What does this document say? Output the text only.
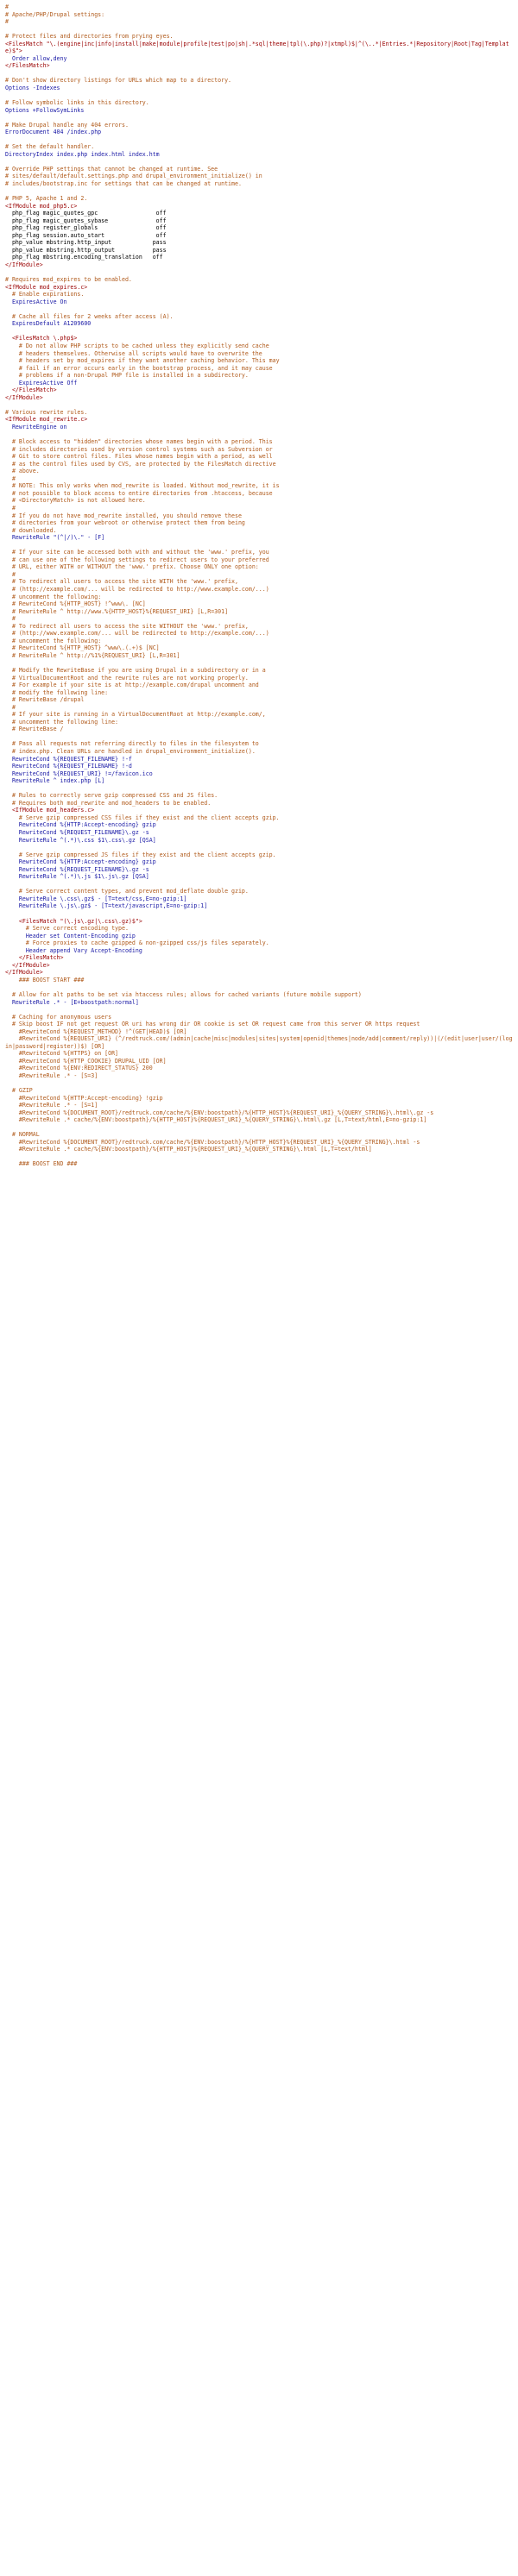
#
# Apache/PHP/Drupal settings:
#
# Protect files and directories from prying eyes.
<FilesMatch "\.(engine|inc|info|install|make|module|profile|test|po|sh|.*sql|theme|tpl(\.php)?|xtmpl)$|^(\..*|Entries.*|Repository|Root|Tag|Template)$">
Order allow,deny
</FilesMatch>
# Don't show directory listings for URLs which map to a directory.
Options -Indexes
# Follow symbolic links in this directory.
Options +FollowSymLinks
# Make Drupal handle any 404 errors.
ErrorDocument 404 /index.php
# Set the default handler.
DirectoryIndex index.php index.html index.htm
# Override PHP settings that cannot be changed at runtime. See
# sites/default/default.settings.php and drupal_environment_initialize() in
# includes/bootstrap.inc for settings that can be changed at runtime.
# PHP 5, Apache 1 and 2.
<IfModule mod_php5.c>
php_flag magic_quotes_gpc                 off
php_flag magic_quotes_sybase              off
php_flag register_globals                 off
php_flag session.auto_start               off
php_value mbstring.http_input            pass
php_value mbstring.http_output           pass
php_flag mbstring.encoding_translation   off
</IfModule>
# Requires mod_expires to be enabled.
<IfModule mod_expires.c>
# Enable expirations.
ExpiresActive On
# Cache all files for 2 weeks after access (A).
ExpiresDefault A1209600
<FilesMatch \.php$>
# Do not allow PHP scripts to be cached unless they explicitly send cache
# headers themselves. Otherwise all scripts would have to overwrite the
# headers set by mod_expires if they want another caching behavior. This may
# fail if an error occurs early in the bootstrap process, and it may cause
# problems if a non-Drupal PHP file is installed in a subdirectory.
ExpiresActive Off
</FilesMatch>
</IfModule>
# Various rewrite rules.
<IfModule mod_rewrite.c>
RewriteEngine on
# Block access to "hidden" directories whose names begin with a period. This
# includes directories used by version control systems such as Subversion or
# Git to store control files. Files whose names begin with a period, as well
# as the control files used by CVS, are protected by the FilesMatch directive
# above.
#
# NOTE: This only works when mod_rewrite is loaded. Without mod_rewrite, it is
# not possible to block access to entire directories from .htaccess, because
# <DirectoryMatch> is not allowed here.
#
# If you do not have mod_rewrite installed, you should remove these
# directories from your webroot or otherwise protect them from being
# downloaded.
RewriteRule "(^|/)\." - [F]
# If your site can be accessed both with and without the 'www.' prefix, you
# can use one of the following settings to redirect users to your preferred
# URL, either WITH or WITHOUT the 'www.' prefix. Choose ONLY one option:
#
# To redirect all users to access the site WITH the 'www.' prefix,
# (http://example.com/... will be redirected to http://www.example.com/...)
# uncomment the following:
# RewriteCond %{HTTP_HOST} !^www\. [NC]
# RewriteRule ^ http://www.%{HTTP_HOST}%{REQUEST_URI} [L,R=301]
#
# To redirect all users to access the site WITHOUT the 'www.' prefix,
# (http://www.example.com/... will be redirected to http://example.com/...)
# uncomment the following:
# RewriteCond %{HTTP_HOST} ^www\.(.+)$ [NC]
# RewriteRule ^ http://%1%{REQUEST_URI} [L,R=301]
# Modify the RewriteBase if you are using Drupal in a subdirectory or in a
# VirtualDocumentRoot and the rewrite rules are not working properly.
# For example if your site is at http://example.com/drupal uncomment and
# modify the following line:
# RewriteBase /drupal
#
# If your site is running in a VirtualDocumentRoot at http://example.com/,
# uncomment the following line:
# RewriteBase /
# Pass all requests not referring directly to files in the filesystem to
# index.php. Clean URLs are handled in drupal_environment_initialize().
RewriteCond %{REQUEST_FILENAME} !-f
RewriteCond %{REQUEST_FILENAME} !-d
RewriteCond %{REQUEST_URI} !=/favicon.ico
RewriteRule ^ index.php [L]
# Rules to correctly serve gzip compressed CSS and JS files.
# Requires both mod_rewrite and mod_headers to be enabled.
<IfModule mod_headers.c>
# Serve gzip compressed CSS files if they exist and the client accepts gzip.
RewriteCond %{HTTP:Accept-encoding} gzip
RewriteCond %{REQUEST_FILENAME}\.gz -s
RewriteRule ^(.*)\.css $1\.css\.gz [QSA]
# Serve gzip compressed JS files if they exist and the client accepts gzip.
RewriteCond %{HTTP:Accept-encoding} gzip
RewriteCond %{REQUEST_FILENAME}\.gz -s
RewriteRule ^(.*)\.js $1\.js\.gz [QSA]
# Serve correct content types, and prevent mod_deflate double gzip.
RewriteRule \.css\.gz$ - [T=text/css,E=no-gzip:1]
RewriteRule \.js\.gz$ - [T=text/javascript,E=no-gzip:1]
<FilesMatch "(\.js\.gz|\.css\.gz)$">
# Serve correct encoding type.
Header set Content-Encoding gzip
# Force proxies to cache gzipped & non-gzipped css/js files separately.
Header append Vary Accept-Encoding
</FilesMatch>
</IfModule>
</IfModule>
### BOOST START ###
# Allow for alt paths to be set via htaccess rules; allows for cached variants (future mobile support)
RewriteRule .* - [E=boostpath:normal]
# Caching for anonymous users
# Skip boost IF not get request OR uri has wrong dir OR cookie is set OR request came from this server OR https request
#RewriteCond %{REQUEST_METHOD} !^(GET|HEAD)$ [OR]
#RewriteCond %{REQUEST_URI} (^/redtruck.com/(admin|cache|misc|modules|sites|system|openid|themes|node/add|comment/reply))|(/(edit|user|user/(login|password|register))$) [OR]
#RewriteCond %{HTTPS} on [OR]
#RewriteCond %{HTTP_COOKIE} DRUPAL_UID [OR]
#RewriteCond %{ENV:REDIRECT_STATUS} 200
#RewriteRule .* - [S=3]
# GZIP
#RewriteCond %{HTTP:Accept-encoding} !gzip
#RewriteRule .* - [S=1]
#RewriteCond %{DOCUMENT_ROOT}/redtruck.com/cache/%{ENV:boostpath}/%{HTTP_HOST}%{REQUEST_URI}_%{QUERY_STRING}\.html\.gz -s
#RewriteRule .* cache/%{ENV:boostpath}/%{HTTP_HOST}%{REQUEST_URI}_%{QUERY_STRING}\.html\.gz [L,T=text/html,E=no-gzip:1]
# NORMAL
#RewriteCond %{DOCUMENT_ROOT}/redtruck.com/cache/%{ENV:boostpath}/%{HTTP_HOST}%{REQUEST_URI}_%{QUERY_STRING}\.html -s
#RewriteRule .* cache/%{ENV:boostpath}/%{HTTP_HOST}%{REQUEST_URI}_%{QUERY_STRING}\.html [L,T=text/html]
### BOOST END ###
